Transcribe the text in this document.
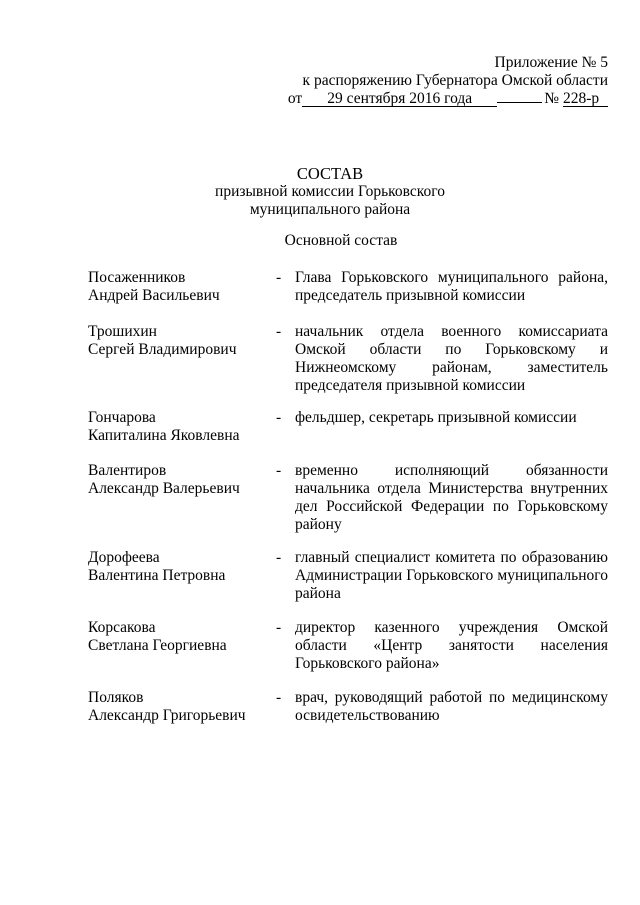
Приложение № 5
к распоряжению Губернатора Омской области
от	29 сентября 2016 года	№ 228-р
СОСТАВ
призывной комиссии Горьковского
муниципального района
Основной состав
Посаженников
Андрей Васильевич
- Глава Горьковского муниципального района, председатель призывной комиссии
Трошихин
Сергей Владимирович
- начальник отдела военного комиссариата Омской области по Горьковскому и Нижнеомскому районам, заместитель председателя призывной комиссии
Гончарова
Капиталина Яковлевна
- фельдшер, секретарь призывной комиссии
Валентиров
Александр Валерьевич
- временно исполняющий обязанности начальника отдела Министерства внутренних дел Российской Федерации по Горьковскому району
Дорофеева
Валентина Петровна
- главный специалист комитета по образованию Администрации Горьковского муниципального района
Корсакова
Светлана Георгиевна
- директор казенного учреждения Омской области «Центр занятости населения Горьковского района»
Поляков
Александр Григорьевич
- врач, руководящий работой по медицинскому освидетельствованию
